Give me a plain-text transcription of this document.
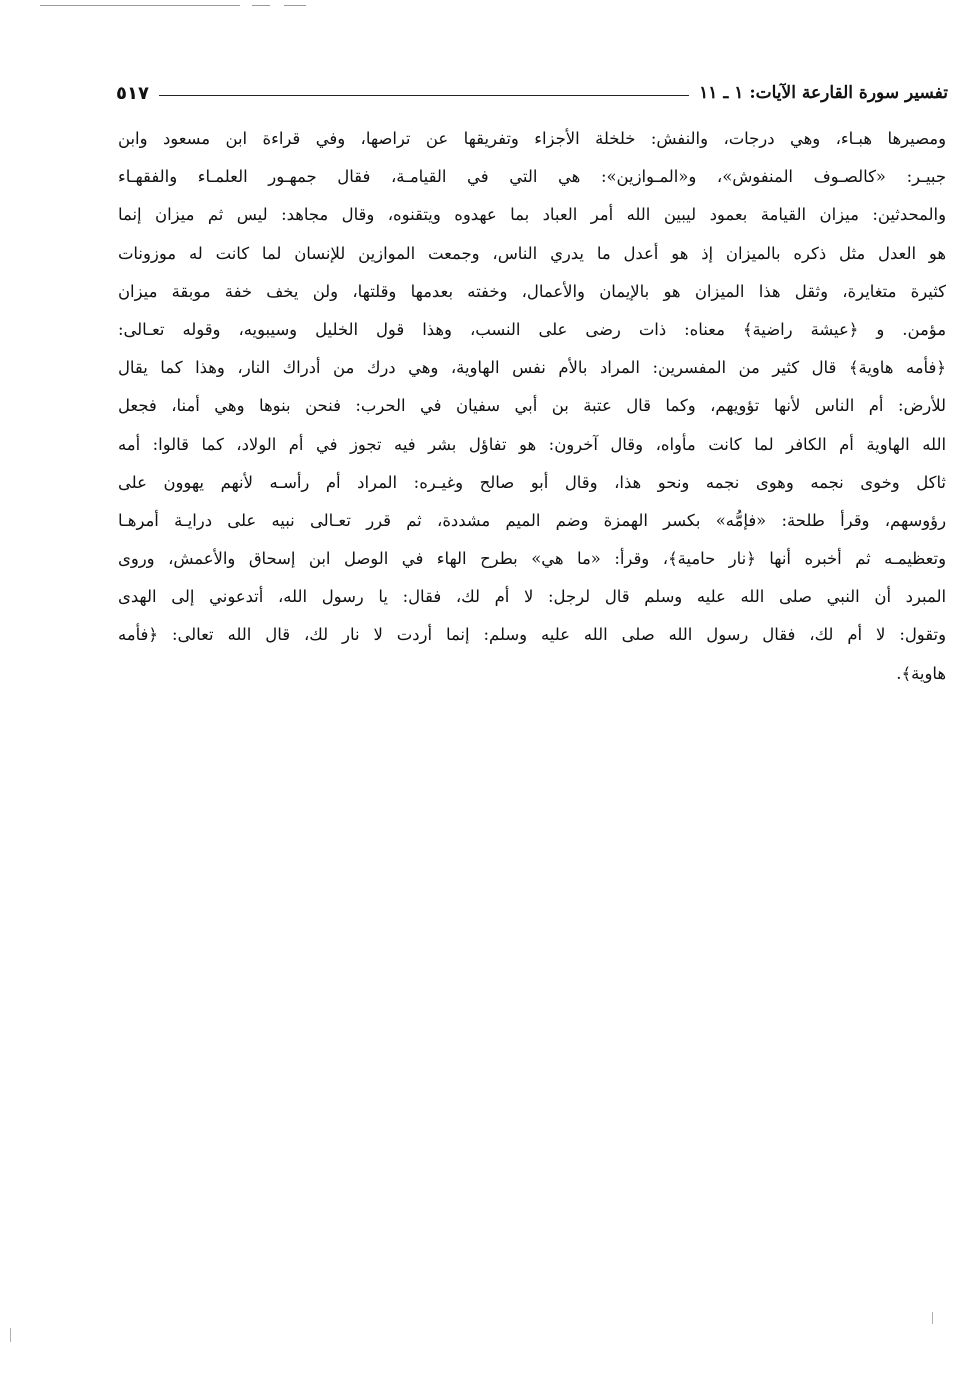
تفسير سورة القارعة الآيات: ١ ـ ١١
٥١٧
ومصيرها هبـاء، وهي درجات، والنفش: خلخلة الأجزاء وتفريقها عن تراصها، وفي قراءة ابن مسعود وابن
جبيـر: «كالصـوف المنفوش»، و«المـوازين»: هي التي في القيامـة، فقال جمهـور العلمـاء والفقهـاء
والمحدثين: ميزان القيامة بعمود ليبين الله أمر العباد بما عهدوه ويتقنوه، وقال مجاهد: ليس ثم ميزان إنما
هو العدل مثل ذكره بالميزان إذ هو أعدل ما يدري الناس، وجمعت الموازين للإنسان لما كانت له موزونات
كثيرة متغايرة، وثقل هذا الميزان هو بالإيمان والأعمال، وخفته بعدمها وقلتها، ولن يخف خفة موبقة ميزان
مؤمن. و ﴿عيشة راضية﴾ معناه: ذات رضى على النسب، وهذا قول الخليل وسيبويه، وقوله تعـالى:
﴿فأمه هاوية﴾ قال كثير من المفسرين: المراد بالأم نفس الهاوية، وهي درك من أدراك النار، وهذا كما يقال
للأرض: أم الناس لأنها تؤويهم، وكما قال عتبة بن أبي سفيان في الحرب: فنحن بنوها وهي أمنا، فجعل
الله الهاوية أم الكافر لما كانت مأواه، وقال آخرون: هو تفاؤل بشر فيه تجوز في أم الولاد، كما قالوا: أمه
ثاكل وخوى نجمه وهوى نجمه ونحو هذا، وقال أبو صالح وغيـره: المراد أم رأسـه لأنهم يهوون على
رؤوسهم، وقرأ طلحة: «فإمُّه» بكسر الهمزة وضم الميم مشددة، ثم قرر تعـالى نبيه على درايـة أمرهـا
وتعظيمـه ثم أخبره أنها ﴿نار حامية﴾، وقرأ: «ما هي» بطرح الهاء في الوصل ابن إسحاق والأعمش، وروى
المبرد أن النبي صلى الله عليه وسلم قال لرجل: لا أم لك، فقال: يا رسول الله، أتدعوني إلى الهدى
وتقول: لا أم لك، فقال رسول الله صلى الله عليه وسلم: إنما أردت لا نار لك، قال الله تعالى: ﴿فأمه
هاوية﴾.
